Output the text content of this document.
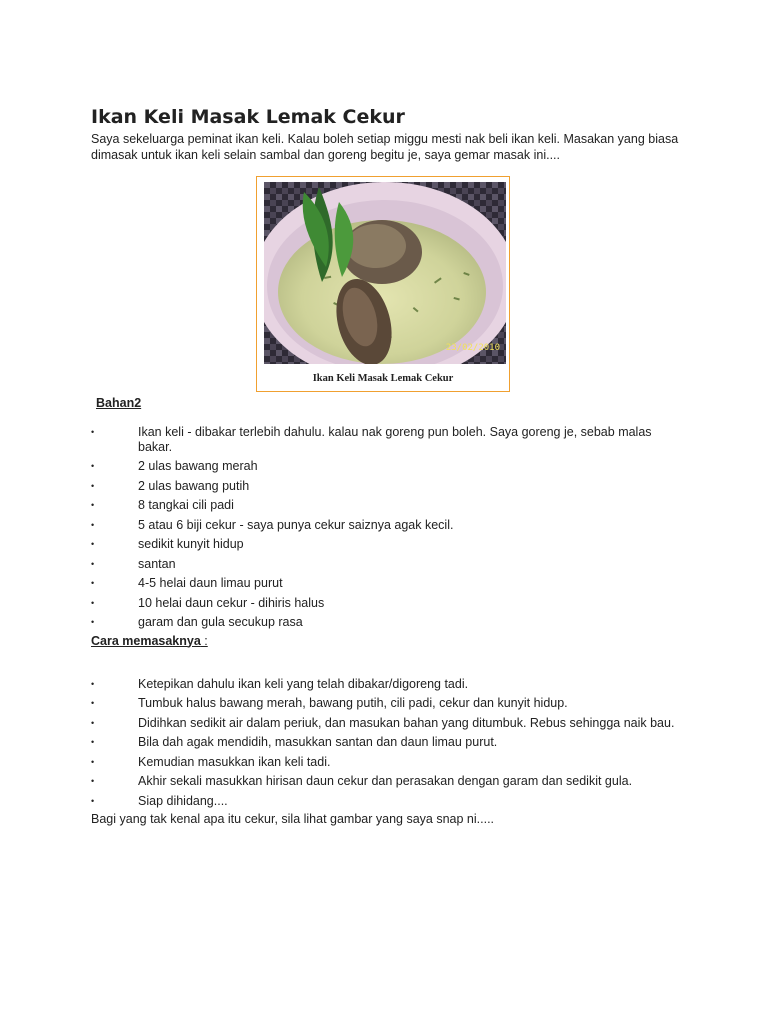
Ikan Keli Masak Lemak Cekur

Saya sekeluarga peminat ikan keli. Kalau boleh setiap miggu mesti nak beli ikan keli. Masakan yang biasa dimasak untuk ikan keli selain sambal dan goreng begitu je, saya gemar masak ini....

23/02/2010
Ikan Keli Masak Lemak Cekur
Bahan2
•	Ikan keli - dibakar terlebih dahulu. kalau nak goreng pun boleh. Saya goreng je, sebab malas bakar.
•	2 ulas bawang merah
•	2 ulas bawang putih
•	8 tangkai cili padi
•	5 atau 6 biji cekur - saya punya cekur saiznya agak kecil.
•	sedikit kunyit hidup
•	santan
•	4-5 helai daun limau purut
•	10 helai daun cekur - dihiris halus
•	garam dan gula secukup rasa
Cara memasaknya :
•	Ketepikan dahulu ikan keli yang telah dibakar/digoreng tadi.
•	Tumbuk halus bawang merah, bawang putih, cili padi, cekur dan kunyit hidup.
•	Didihkan sedikit air dalam periuk, dan masukan bahan yang ditumbuk. Rebus sehingga naik bau.
•	Bila dah agak mendidih, masukkan santan dan daun limau purut.
•	Kemudian masukkan ikan keli tadi.
•	Akhir sekali masukkan hirisan daun cekur dan perasakan dengan garam dan sedikit gula.
•	Siap dihidang....

Bagi yang tak kenal apa itu cekur, sila lihat gambar yang saya snap ni.....
